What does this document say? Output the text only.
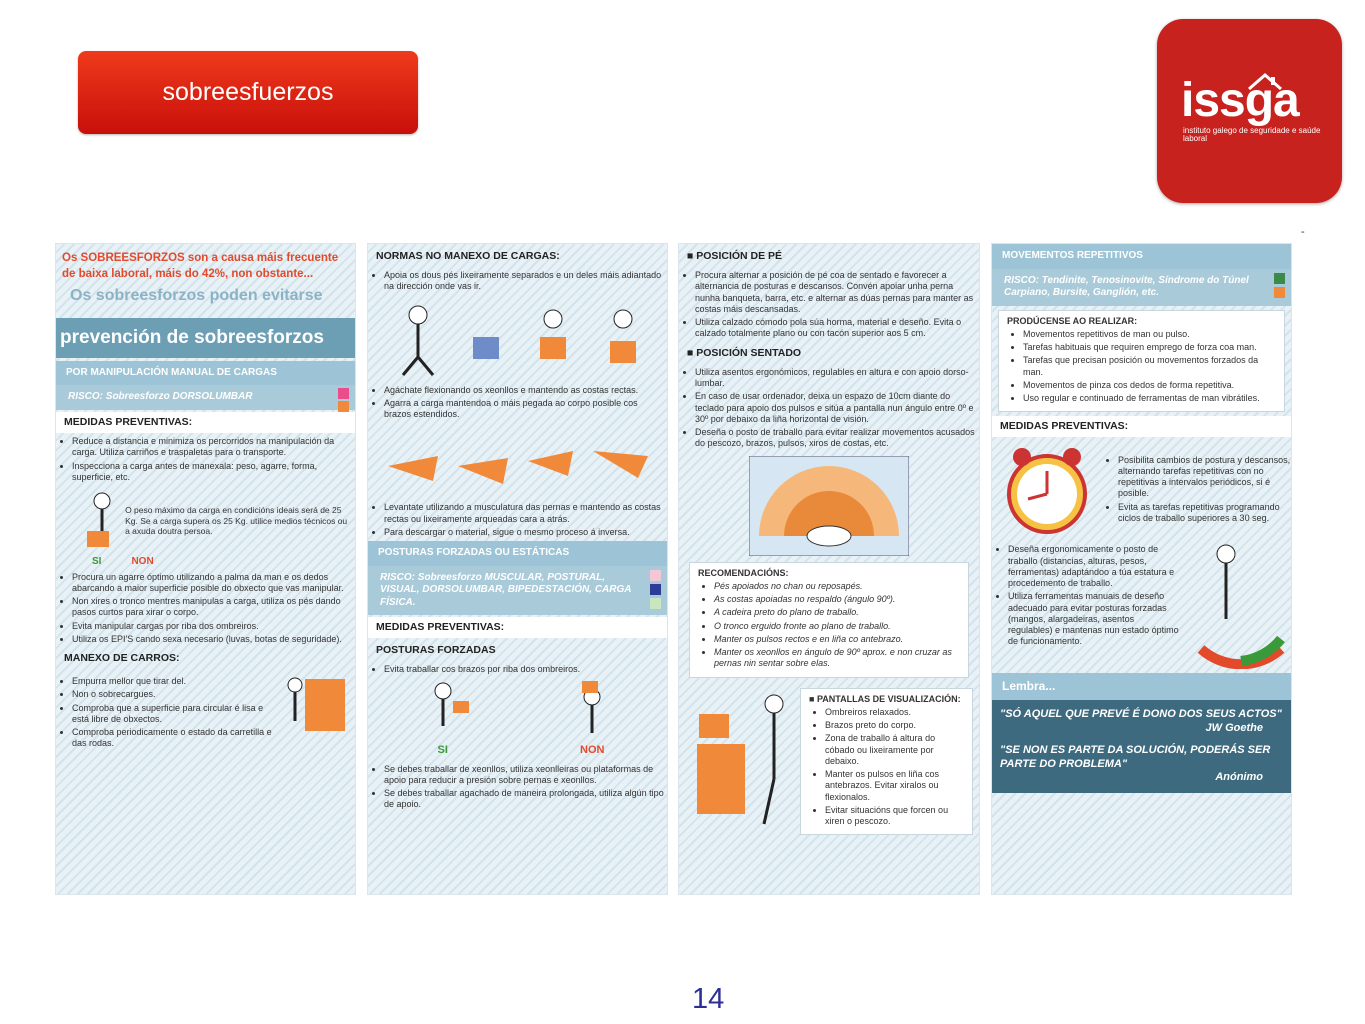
sobreesfuerzos	issga
instituto galego de seguridade e saúde laboral
-
Os SOBREESFORZOS son a causa máis frecuente de baixa laboral, máis do 42%, non obstante...
Os sobreesforzos poden evitarse
prevención de sobreesforzos
POR MANIPULACIÓN MANUAL DE CARGAS
RISCO: Sobreesforzo DORSOLUMBAR
MEDIDAS PREVENTIVAS:
• Reduce a distancia e minimiza os percorridos na manipulación da carga. Utiliza carriños e traspaletas para o transporte.
• Inspecciona a carga antes de manexala: peso, agarre, forma, superficie, etc.
O peso máximo da carga en condicións ideais será de 25 Kg. Se a carga supera os 25 Kg. utilice medios técnicos ou a axuda doutra persoa.
SI	NON
• Procura un agarre óptimo utilizando a palma da man e os dedos abarcando a maior superficie posible do obxecto que vas manipular.
• Non xires o tronco mentres manipulas a carga, utiliza os pés dando pasos curtos para xirar o corpo.
• Evita manipular cargas por riba dos ombreiros.
• Utiliza os EPI'S cando sexa necesario (luvas, botas de seguridade).
MANEXO DE CARROS:
• Empurra mellor que tirar del.
• Non o sobrecargues.
• Comproba que a superficie para circular é lisa e está libre de obxectos.
• Comproba periodicamente o estado da carretilla e das rodas.
NORMAS NO MANEXO DE CARGAS:
• Apoia os dous pés lixeiramente separados e un deles máis adiantado na dirección onde vas ir.
• Agáchate flexionando os xeonllos e mantendo as costas rectas.
• Agarra a carga mantendoa o máis pegada ao corpo posible cos brazos estendidos.
• Levantate utilizando a musculatura das pernas e mantendo as costas rectas ou lixeiramente arqueadas cara a atrás.
• Para descargar o material, sigue o mesmo proceso á inversa.
POSTURAS FORZADAS OU ESTÁTICAS
RISCO: Sobreesforzo MUSCULAR, POSTURAL, VISUAL, DORSOLUMBAR, BIPEDESTACIÓN, CARGA FÍSICA.
MEDIDAS PREVENTIVAS:
POSTURAS FORZADAS
• Evita traballar cos brazos por riba dos ombreiros.
SI	NON
• Se debes traballar de xeonllos, utiliza xeonlleiras ou plataformas de apoio para reducir a presión sobre pernas e xeonllos.
• Se debes traballar agachado de maneira prolongada, utiliza algún tipo de apoio.
■ POSICIÓN DE PÉ
• Procura alternar a posición de pé coa de sentado e favorecer a alternancia de posturas e descansos. Convén apoiar unha perna nunha banqueta, barra, etc. e alternar as dúas pernas para manter as costas máis descansadas.
• Utiliza calzado cómodo pola súa horma, material e deseño. Evita o calzado totalmente plano ou con tacón superior aos 5 cm.
■ POSICIÓN SENTADO
• Utiliza asentos ergonómicos, regulables en altura e con apoio dorso-lumbar.
• En caso de usar ordenador, deixa un espazo de 10cm diante do teclado para apoio dos pulsos e sitúa a pantalla nun ángulo entre 0º e 30º por debaixo da liña horizontal de visión.
• Deseña o posto de traballo para evitar realizar movementos acusados do pescozo, brazos, pulsos, xiros de costas, etc.
RECOMENDACIÓNS:
• Pés apoiados no chan ou reposapés.
• As costas apoiadas no respaldo (ángulo 90º).
• A cadeira preto do plano de traballo.
• O tronco erguido fronte ao plano de traballo.
• Manter os pulsos rectos e en liña co antebrazo.
• Manter os xeonllos en ángulo de 90º aprox. e non cruzar as pernas nin sentar sobre elas.
■ PANTALLAS DE VISUALIZACIÓN:
• Ombreiros relaxados.
• Brazos preto do corpo.
• Zona de traballo á altura do cóbado ou lixeiramente por debaixo.
• Manter os pulsos en liña cos antebrazos. Evitar xiralos ou flexionalos.
• Evitar situacións que forcen ou xiren o pescozo.
MOVEMENTOS REPETITIVOS
RISCO: Tendinite, Tenosinovite, Síndrome do Túnel Carpiano, Bursite, Ganglión, etc.
PRODÚCENSE AO REALIZAR:
• Movementos repetitivos de man ou pulso.
• Tarefas habituais que requiren emprego de forza coa man.
• Tarefas que precisan posición ou movementos forzados da man.
• Movementos de pinza cos dedos de forma repetitiva.
• Uso regular e continuado de ferramentas de man vibrátiles.
MEDIDAS PREVENTIVAS:
• Posibilita cambios de postura y descansos, alternando tarefas repetitivas con no repetitivas a intervalos periódicos, si é posible.
• Evita as tarefas repetitivas programando ciclos de traballo superiores a 30 seg.
• Deseña ergonomicamente o posto de traballo (distancias, alturas, pesos, ferramentas) adaptándoo a túa estatura e procedemento de traballo.
• Utiliza ferramentas manuais de deseño adecuado para evitar posturas forzadas (mangos, alargadeiras, asentos regulables) e mantenas nun estado óptimo de funcionamento.
Lembra...
"SÓ AQUEL QUE PREVÉ É DONO DOS SEUS ACTOS"
JW Goethe
"SE NON ES PARTE DA SOLUCIÓN, PODERÁS SER PARTE DO PROBLEMA"
Anónimo
14
